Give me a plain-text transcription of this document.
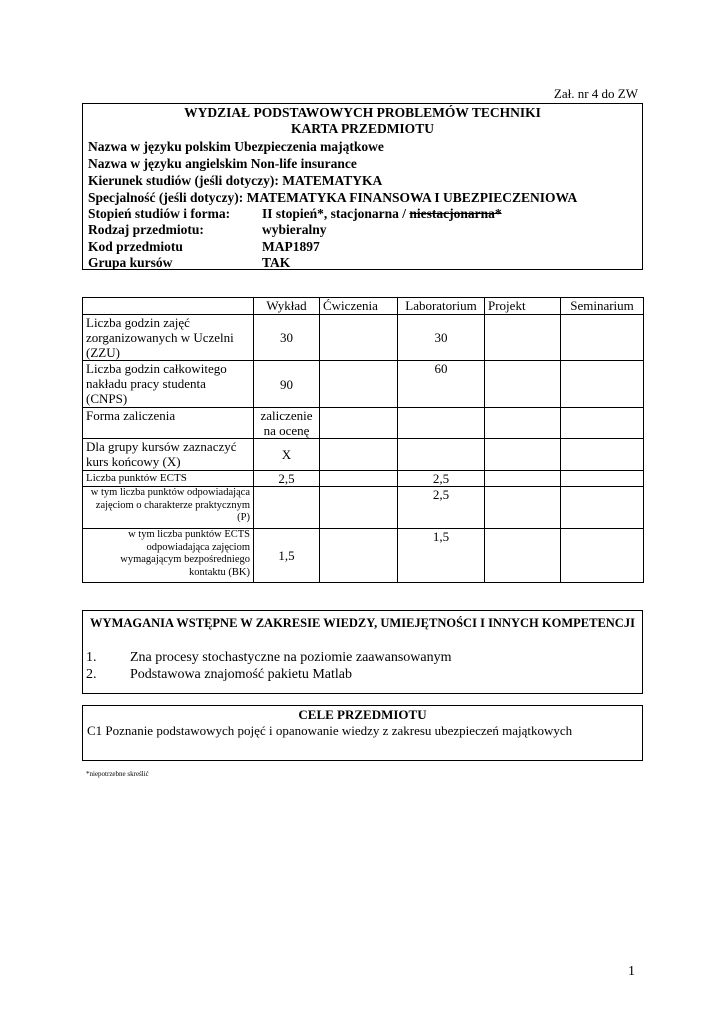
Zał. nr 4 do ZW
WYDZIAŁ PODSTAWOWYCH PROBLEMÓW TECHNIKI
KARTA PRZEDMIOTU
Nazwa w języku polskim Ubezpieczenia majątkowe
Nazwa w języku angielskim Non-life insurance
Kierunek studiów (jeśli dotyczy): MATEMATYKA
Specjalność (jeśli dotyczy): MATEMATYKA FINANSOWA I UBEZPIECZENIOWA
Stopień studiów i forma: II stopień*, stacjonarna / niestacjonarna*
Rodzaj przedmiotu:	wybieralny
Kod przedmiotu	MAP1897
Grupa kursów	TAK
	Wykład	Ćwiczenia	Laboratorium	Projekt	Seminarium
Liczba godzin zajęć zorganizowanych w Uczelni (ZZU)	30		30		
Liczba godzin całkowitego nakładu pracy studenta (CNPS)	90		60		
Forma zaliczenia	zaliczenie na ocenę				
Dla grupy kursów zaznaczyć kurs końcowy (X)	X				
Liczba punktów ECTS	2,5		2,5		
w tym liczba punktów odpowiadająca zajęciom o charakterze praktycznym (P)			2,5		
w tym liczba punktów ECTS odpowiadająca zajęciom wymagającym bezpośredniego kontaktu (BK)	1,5		1,5		
WYMAGANIA WSTĘPNE W ZAKRESIE WIEDZY, UMIEJĘTNOŚCI I INNYCH KOMPETENCJI
1. Zna procesy stochastyczne na poziomie zaawansowanym
2. Podstawowa znajomość pakietu Matlab
CELE PRZEDMIOTU
C1 Poznanie podstawowych pojęć i opanowanie wiedzy z zakresu ubezpieczeń majątkowych
*niepotrzebne skreślić
1
